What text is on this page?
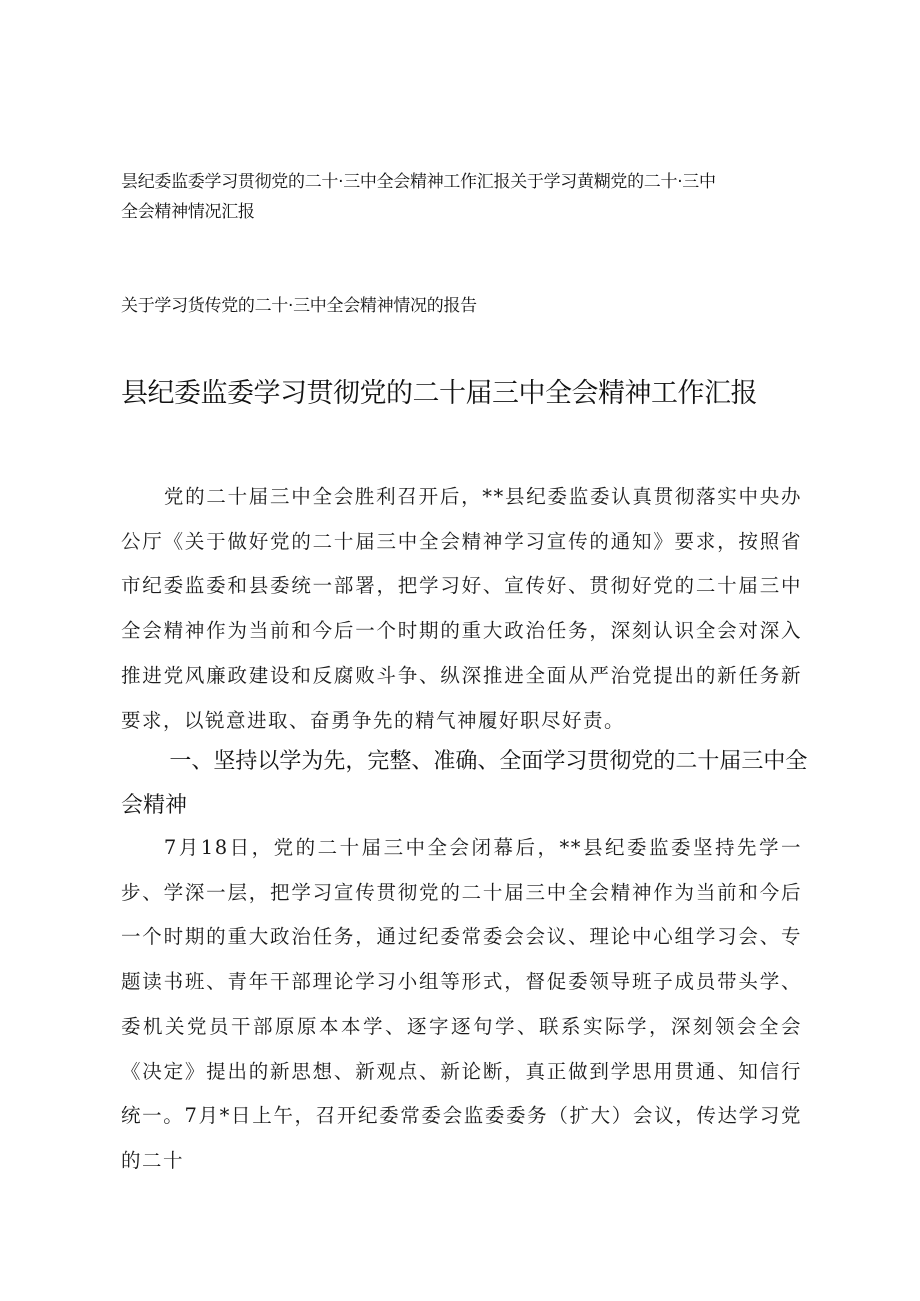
昙纪委监委学习贯彻党的二十·三中全会精神工作汇报关于学习黄糊党的二十·三中
全会精神情况汇报
关于学习货传党的二十·三中全会精神情况的报告
县纪委监委学习贯彻党的二十届三中全会精神工作汇报

党的二十届三中全会胜利召开后，**县纪委监委认真贯彻落实中央办公厅《关于做好党的二十届三中全会精神学习宣传的通知》要求，按照省市纪委监委和县委统一部署，把学习好、宣传好、贯彻好党的二十届三中全会精神作为当前和今后一个时期的重大政治任务，深刻认识全会对深入推进党风廉政建设和反腐败斗争、纵深推进全面从严治党提出的新任务新要求，以锐意进取、奋勇争先的精气神履好职尽好责。

一、坚持以学为先，完整、准确、全面学习贯彻党的二十届三中全会精神

7月18日，党的二十届三中全会闭幕后，**县纪委监委坚持先学一步、学深一层，把学习宣传贯彻党的二十届三中全会精神作为当前和今后一个时期的重大政治任务，通过纪委常委会会议、理论中心组学习会、专题读书班、青年干部理论学习小组等形式，督促委领导班子成员带头学、委机关党员干部原原本本学、逐字逐句学、联系实际学，深刻领会全会《决定》提出的新思想、新观点、新论断，真正做到学思用贯通、知信行统一。7月*日上午，召开纪委常委会监委委务（扩大）会议，传达学习党的二十
